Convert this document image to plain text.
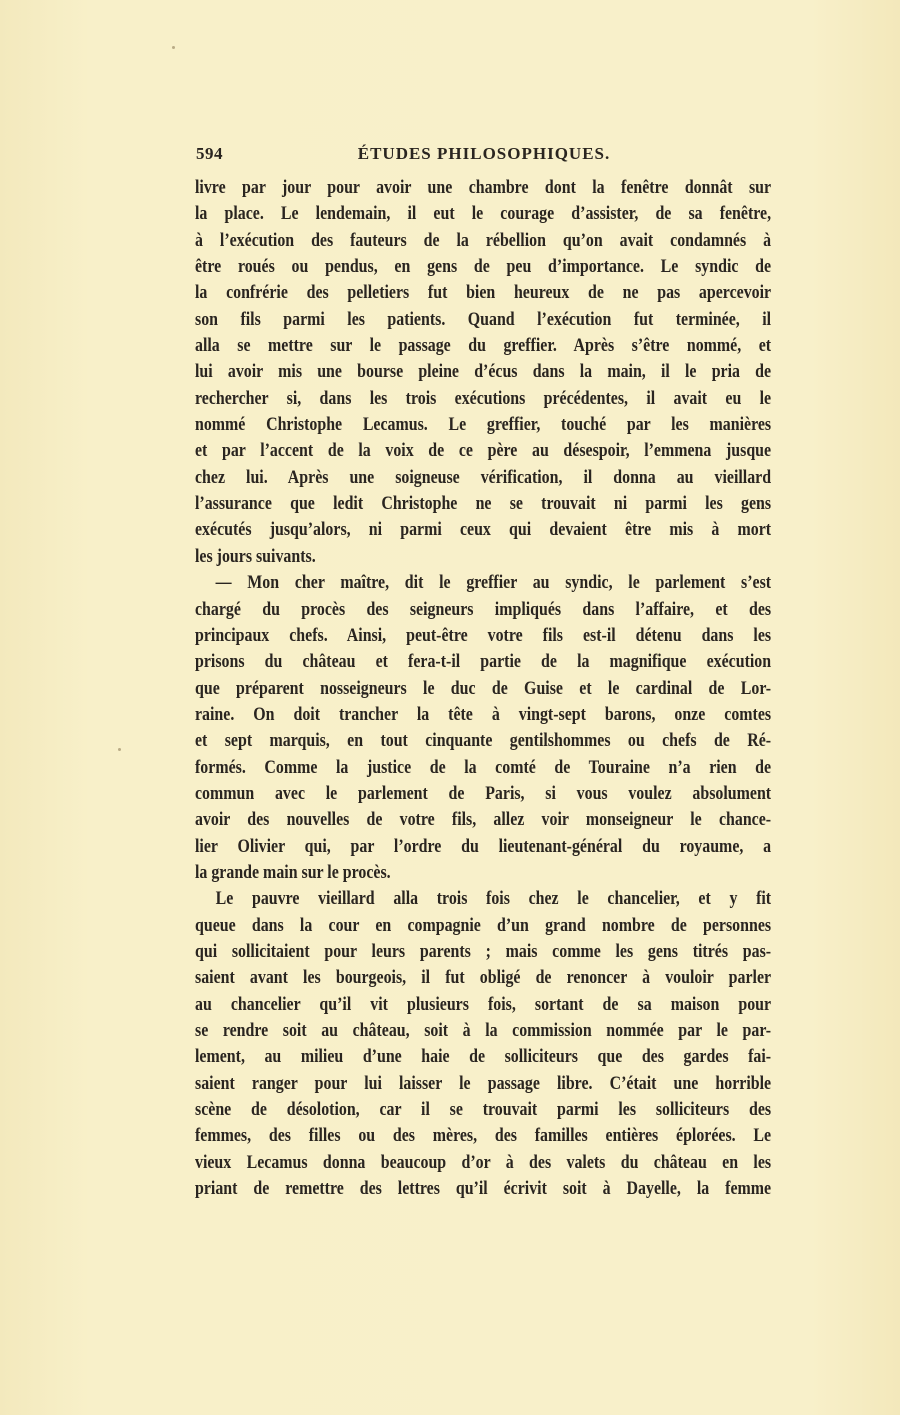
594	ÉTUDES PHILOSOPHIQUES.
livre par jour pour avoir une chambre dont la fenêtre donnât sur
la place. Le lendemain, il eut le courage d’assister, de sa fenêtre,
à l’exécution des fauteurs de la rébellion qu’on avait condamnés à
être roués ou pendus, en gens de peu d’importance. Le syndic de
la confrérie des pelletiers fut bien heureux de ne pas apercevoir
son fils parmi les patients. Quand l’exécution fut terminée, il
alla se mettre sur le passage du greffier. Après s’être nommé, et
lui avoir mis une bourse pleine d’écus dans la main, il le pria de
rechercher si, dans les trois exécutions précédentes, il avait eu le
nommé Christophe Lecamus. Le greffier, touché par les manières
et par l’accent de la voix de ce père au désespoir, l’emmena jusque
chez lui. Après une soigneuse vérification, il donna au vieillard
l’assurance que ledit Christophe ne se trouvait ni parmi les gens
exécutés jusqu’alors, ni parmi ceux qui devaient être mis à mort
les jours suivants.
— Mon cher maître, dit le greffier au syndic, le parlement s’est
chargé du procès des seigneurs impliqués dans l’affaire, et des
principaux chefs. Ainsi, peut-être votre fils est-il détenu dans les
prisons du château et fera-t-il partie de la magnifique exécution
que préparent nosseigneurs le duc de Guise et le cardinal de Lor-
raine. On doit trancher la tête à vingt-sept barons, onze comtes
et sept marquis, en tout cinquante gentilshommes ou chefs de Ré-
formés. Comme la justice de la comté de Touraine n’a rien de
commun avec le parlement de Paris, si vous voulez absolument
avoir des nouvelles de votre fils, allez voir monseigneur le chance-
lier Olivier qui, par l’ordre du lieutenant-général du royaume, a
la grande main sur le procès.
Le pauvre vieillard alla trois fois chez le chancelier, et y fit
queue dans la cour en compagnie d’un grand nombre de personnes
qui sollicitaient pour leurs parents ; mais comme les gens titrés pas-
saient avant les bourgeois, il fut obligé de renoncer à vouloir parler
au chancelier qu’il vit plusieurs fois, sortant de sa maison pour
se rendre soit au château, soit à la commission nommée par le par-
lement, au milieu d’une haie de solliciteurs que des gardes fai-
saient ranger pour lui laisser le passage libre. C’était une horrible
scène de désolotion, car il se trouvait parmi les solliciteurs des
femmes, des filles ou des mères, des familles entières éplorées. Le
vieux Lecamus donna beaucoup d’or à des valets du château en les
priant de remettre des lettres qu’il écrivit soit à Dayelle, la femme
